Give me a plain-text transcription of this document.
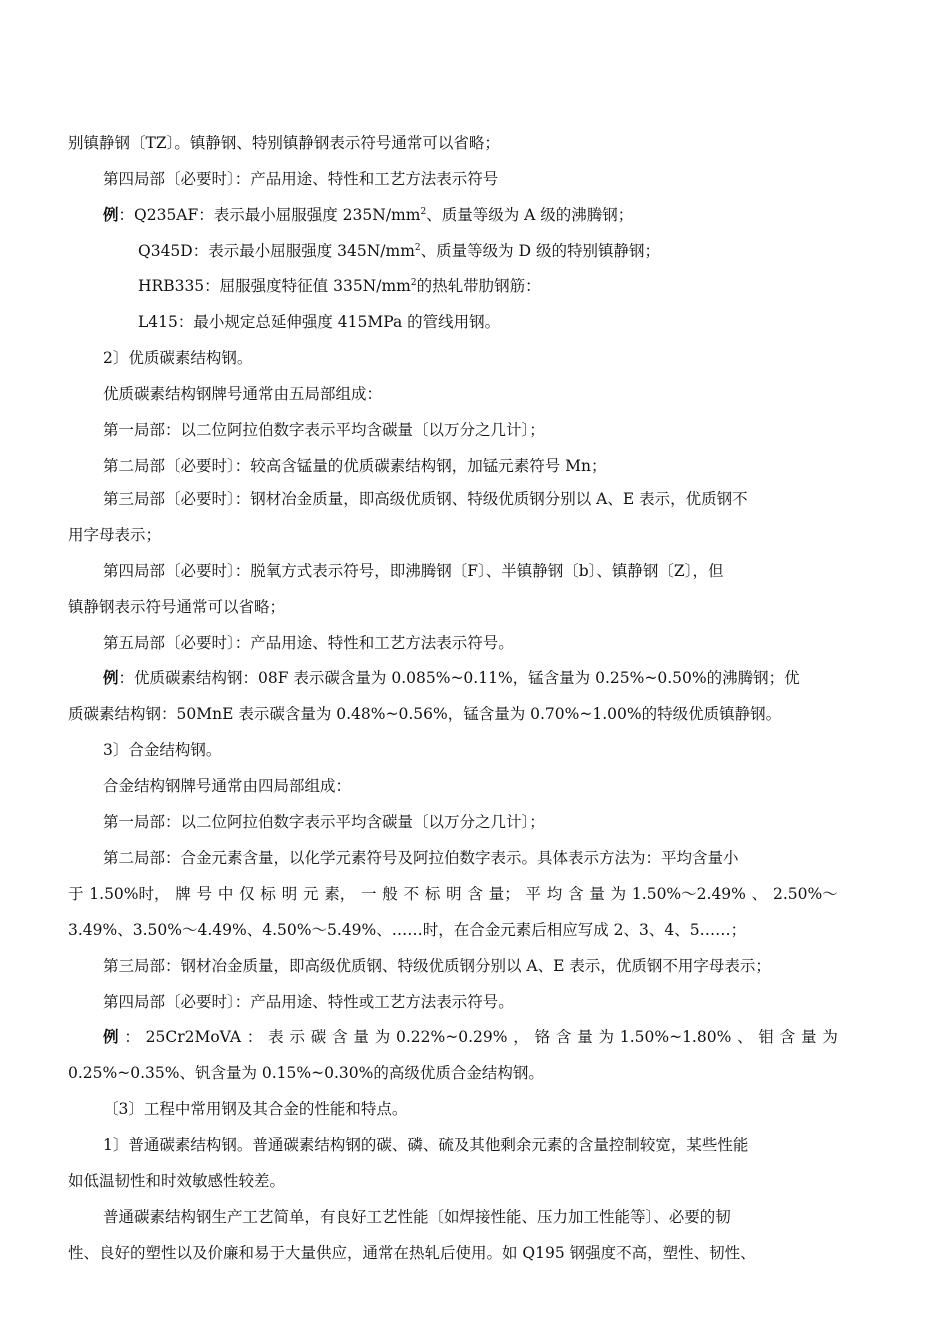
别镇静钢〔TZ〕。镇静钢、特别镇静钢表示符号通常可以省略；
第四局部〔必要时〕：产品用途、特性和工艺方法表示符号
例：Q235AF：表示最小屈服强度 $235N/mm^2$、质量等级为 A 级的沸腾钢；
Q345D：表示最小屈服强度 $345N/mm^2$、质量等级为 D 级的特别镇静钢；
HRB335：屈服强度特征值 $335N/mm^2$的热轧带肋钢筋：
L415：最小规定总延伸强度 415MPa 的管线用钢。
2〕优质碳素结构钢。
优质碳素结构钢牌号通常由五局部组成：
第一局部：以二位阿拉伯数字表示平均含碳量〔以万分之几计〕；
第二局部〔必要时〕：较高含锰量的优质碳素结构钢，加锰元素符号 Mn；
第三局部〔必要时〕：钢材冶金质量，即高级优质钢、特级优质钢分别以 A、E 表示，优质钢不
用字母表示；
第四局部〔必要时〕：脱氧方式表示符号，即沸腾钢〔F〕、半镇静钢〔b〕、镇静钢〔Z〕，但
镇静钢表示符号通常可以省略；
第五局部〔必要时〕：产品用途、特性和工艺方法表示符号。
例：优质碳素结构钢：08F 表示碳含量为 0.085%~0.11%，锰含量为 0.25%~0.50%的沸腾钢；优
质碳素结构钢：50MnE 表示碳含量为 0.48%~0.56%，锰含量为 0.70%~1.00%的特级优质镇静钢。
3〕合金结构钢。
合金结构钢牌号通常由四局部组成：
第一局部：以二位阿拉伯数字表示平均含碳量〔以万分之几计〕；
第二局部：合金元素含量，以化学元素符号及阿拉伯数字表示。具体表示方法为：平均含量小
于 1.50%时， 牌 号 中 仅 标 明 元 素， 一 般 不 标 明 含 量； 平 均 含 量 为 1.50%～2.49% 、 2.50%～
3.49%、3.50%～4.49%、4.50%～5.49%、……时，在合金元素后相应写成 2、3、4、5……；
第三局部：钢材冶金质量，即高级优质钢、特级优质钢分别以 A、E 表示，优质钢不用字母表示；
第四局部〔必要时〕：产品用途、特性或工艺方法表示符号。
例 ： 25Cr2MoVA ： 表 示 碳 含 量 为 0.22%~0.29% ， 铬 含 量 为 1.50%~1.80% 、 钼 含 量 为
0.25%~0.35%、钒含量为 0.15%~0.30%的高级优质合金结构钢。
〔3〕工程中常用钢及其合金的性能和特点。
1〕普通碳素结构钢。普通碳素结构钢的碳、磷、硫及其他剩余元素的含量控制较宽，某些性能
如低温韧性和时效敏感性较差。
普通碳素结构钢生产工艺简单，有良好工艺性能〔如焊接性能、压力加工性能等〕、必要的韧
性、良好的塑性以及价廉和易于大量供应，通常在热轧后使用。如 Q195 钢强度不高，塑性、韧性、
